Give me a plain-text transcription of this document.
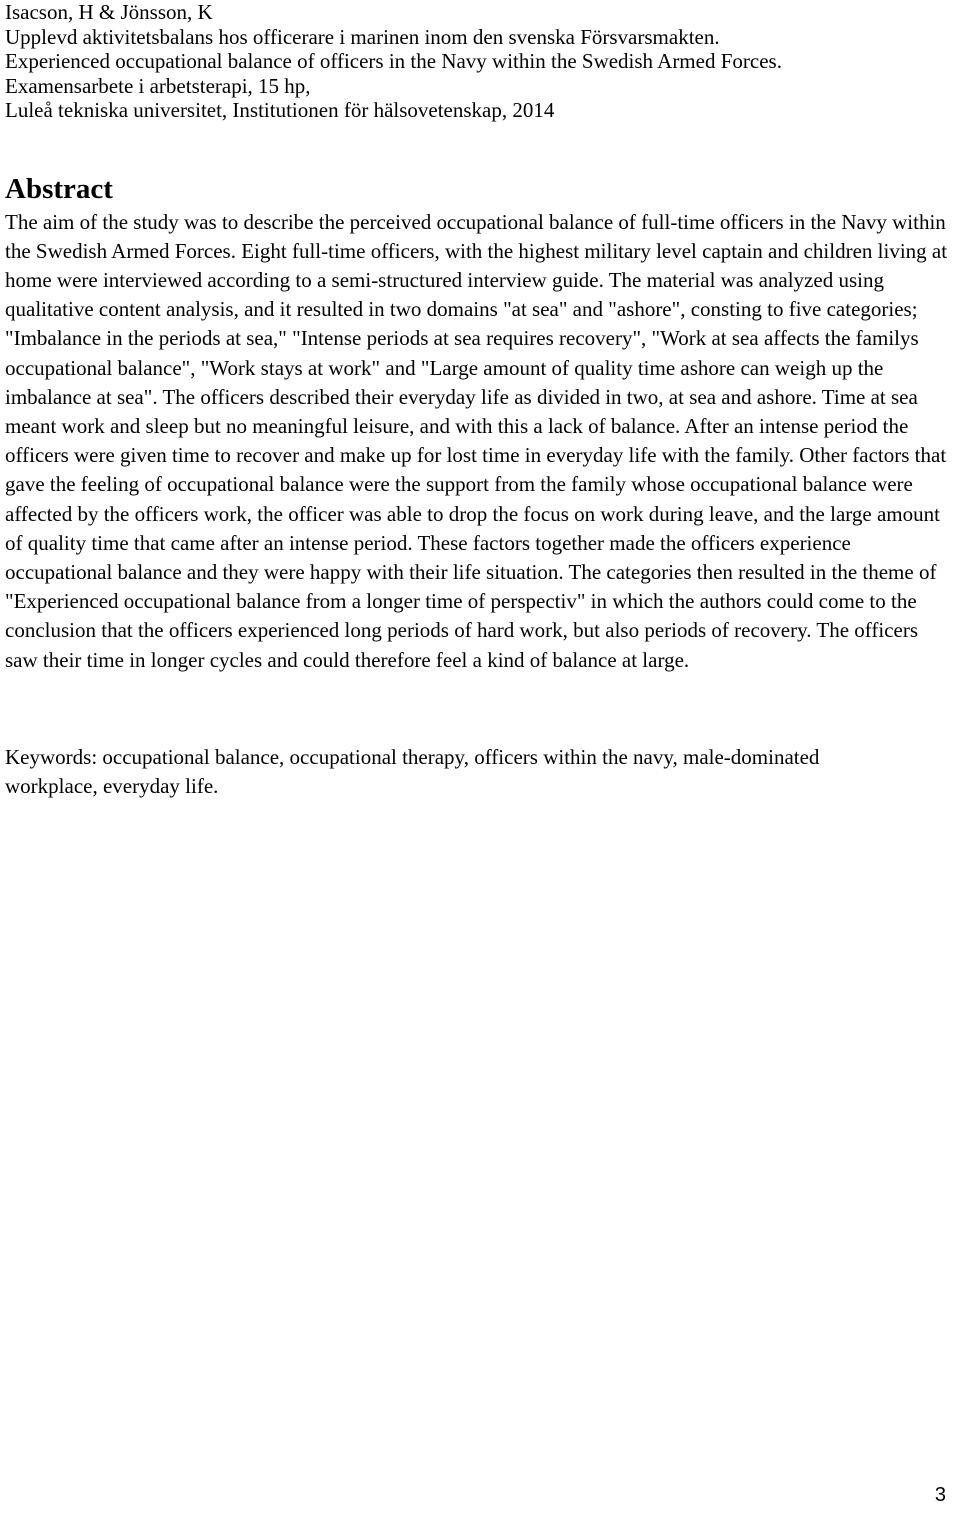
Isacson, H & Jönsson, K

Upplevd aktivitetsbalans hos officerare i marinen inom den svenska Försvarsmakten.

Experienced occupational balance of officers in the Navy within the Swedish Armed Forces.

Examensarbete i arbetsterapi, 15 hp,

Luleå tekniska universitet, Institutionen för hälsovetenskap, 2014

Abstract

The aim of the study was to describe the perceived occupational balance of full-time officers in the Navy within the Swedish Armed Forces. Eight full-time officers, with the highest military level captain and children living at home were interviewed according to a semi-structured interview guide. The material was analyzed using qualitative content analysis, and it resulted in two domains "at sea" and "ashore", consting to five categories; "Imbalance in the periods at sea," "Intense periods at sea requires recovery", "Work at sea affects the familys occupational balance", "Work stays at work" and "Large amount of quality time ashore can weigh up the imbalance at sea". The officers described their everyday life as divided in two, at sea and ashore. Time at sea meant work and sleep but no meaningful leisure, and with this a lack of balance. After an intense period the officers were given time to recover and make up for lost time in everyday life with the family. Other factors that gave the feeling of occupational balance were the support from the family whose occupational balance were affected by the officers work, the officer was able to drop the focus on work during leave, and the large amount of quality time that came after an intense period. These factors together made the officers experience occupational balance and they were happy with their life situation. The categories then resulted in the theme of "Experienced occupational balance from a longer time of perspectiv" in which the authors could come to the conclusion that the officers experienced long periods of hard work, but also periods of recovery. The officers saw their time in longer cycles and could therefore feel a kind of balance at large.

Keywords: occupational balance, occupational therapy, officers within the navy, male-dominated workplace, everyday life.

3
